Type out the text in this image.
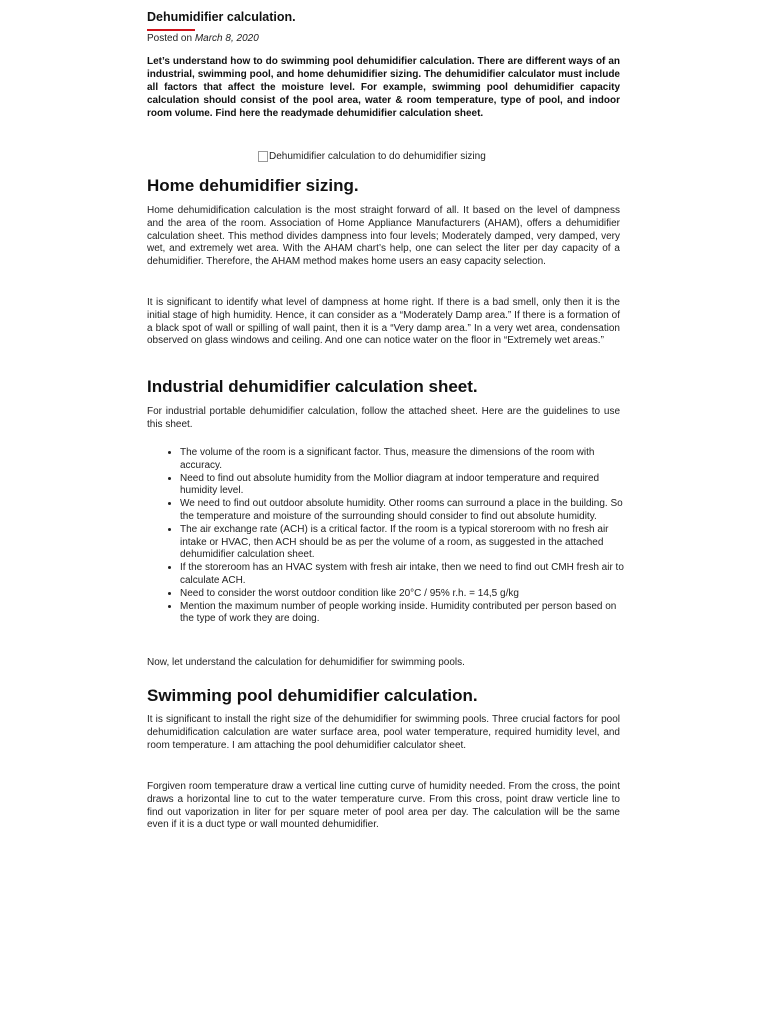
Dehumidifier calculation.
Posted on March 8, 2020

Let’s understand how to do swimming pool dehumidifier calculation. There are different ways of an industrial, swimming pool, and home dehumidifier sizing. The dehumidifier calculator must include all factors that affect the moisture level. For example, swimming pool dehumidifier capacity calculation should consist of the pool area, water & room temperature, type of pool, and indoor room volume. Find here the readymade dehumidifier calculation sheet.

Dehumidifier calculation to do dehumidifier sizing
Home dehumidifier sizing.

Home dehumidification calculation is the most straight forward of all. It based on the level of dampness and the area of the room. Association of Home Appliance Manufacturers (AHAM), offers a dehumidifier calculation sheet. This method divides dampness into four levels; Moderately damped, very damped, very wet, and extremely wet area. With the AHAM chart’s help, one can select the liter per day capacity of a dehumidifier. Therefore, the AHAM method makes home users an easy capacity selection.

It is significant to identify what level of dampness at home right. If there is a bad smell, only then it is the initial stage of high humidity. Hence, it can consider as a “Moderately Damp area.” If there is a formation of a black spot of wall or spilling of wall paint, then it is a “Very damp area.” In a very wet area, condensation observed on glass windows and ceiling. And one can notice water on the floor in “Extremely wet areas.”

Industrial dehumidifier calculation sheet.

For industrial portable dehumidifier calculation, follow the attached sheet. Here are the guidelines to use this sheet.

• The volume of the room is a significant factor. Thus, measure the dimensions of the room with accuracy.
• Need to find out absolute humidity from the Mollior diagram at indoor temperature and required humidity level.
• We need to find out outdoor absolute humidity. Other rooms can surround a place in the building. So the temperature and moisture of the surrounding should consider to find out absolute humidity.
• The air exchange rate (ACH) is a critical factor. If the room is a typical storeroom with no fresh air intake or HVAC, then ACH should be as per the volume of a room, as suggested in the attached dehumidifier calculation sheet.
• If the storeroom has an HVAC system with fresh air intake, then we need to find out CMH fresh air to calculate ACH.
• Need to consider the worst outdoor condition like 20°C / 95% r.h. = 14,5 g/kg
• Mention the maximum number of people working inside. Humidity contributed per person based on the type of work they are doing.

Now, let understand the calculation for dehumidifier for swimming pools.

Swimming pool dehumidifier calculation.

It is significant to install the right size of the dehumidifier for swimming pools. Three crucial factors for pool dehumidification calculation are water surface area, pool water temperature, required humidity level, and room temperature. I am attaching the pool dehumidifier calculator sheet.

Forgiven room temperature draw a vertical line cutting curve of humidity needed. From the cross, the point draws a horizontal line to cut to the water temperature curve. From this cross, point draw verticle line to find out vaporization in liter for per square meter of pool area per day. The calculation will be the same even if it is a duct type or wall mounted dehumidifier.
